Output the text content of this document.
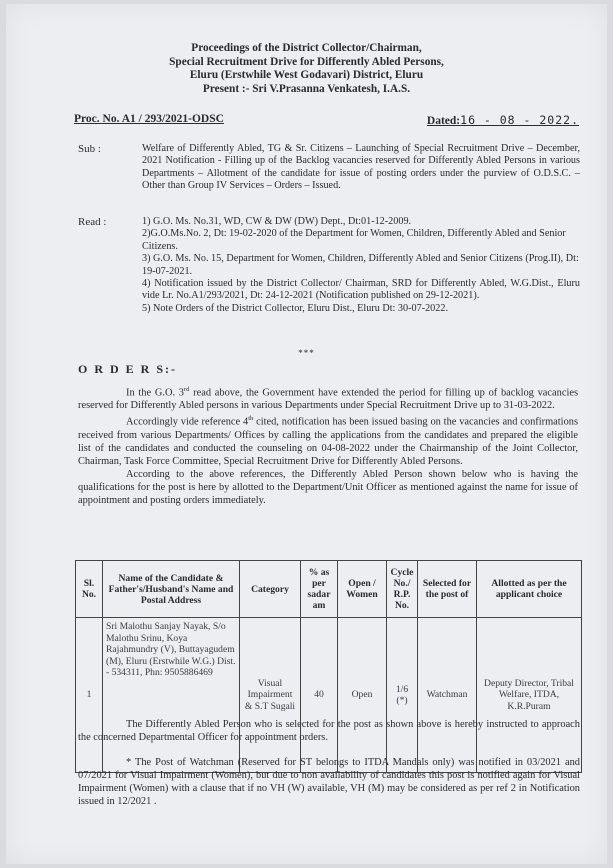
Proceedings of the District Collector/Chairman,
Special Recruitment Drive for Differently Abled Persons,
Eluru (Erstwhile West Godavari) District, Eluru
Present :- Sri V.Prasanna Venkatesh, I.A.S.
Proc. No. A1 / 293/2021-ODSC	Dated:16 - 08 - 2022.
Sub :	Welfare of Differently Abled, TG & Sr. Citizens – Launching of Special Recruitment Drive – December, 2021 Notification - Filling up of the Backlog vacancies reserved for Differently Abled Persons in various Departments – Allotment of the candidate for issue of posting orders under the purview of O.D.S.C. – Other than Group IV Services – Orders – Issued.

Read :	1) G.O. Ms. No.31, WD, CW & DW (DW) Dept., Dt:01-12-2009.

2)G.O.Ms.No. 2, Dt: 19-02-2020 of the Department for Women, Children, Differently Abled and Senior Citizens.

3) G.O. Ms. No. 15, Department for Women, Children, Differently Abled and Senior Citizens (Prog.II), Dt: 19-07-2021.

4) Notification issued by the District Collector/ Chairman, SRD for Differently Abled, W.G.Dist., Eluru vide Lr. No.A1/293/2021, Dt: 24-12-2021 (Notification published on 29-12-2021).

5) Note Orders of the District Collector, Eluru Dist., Eluru Dt: 30-07-2022.

***
O R D E R S:-

In the G.O. 3rd read above, the Government have extended the period for filling up of backlog vacancies reserved for Differently Abled persons in various Departments under Special Recruitment Drive up to 31-03-2022.

Accordingly vide reference 4th cited, notification has been issued basing on the vacancies and confirmations received from various Departments/ Offices by calling the applications from the candidates and prepared the eligible list of the candidates and conducted the counseling on 04-08-2022 under the Chairmanship of the Joint Collector, Chairman, Task Force Committee, Special Recruitment Drive for Differently Abled Persons.

According to the above references, the Differently Abled Person shown below who is having the qualifications for the post is here by allotted to the Department/Unit Officer as mentioned against the name for issue of appointment and posting orders immediately.

Sl. No.	Name of the Candidate & Father's/Husband's Name and Postal Address	Category	% as per sadar am	Open / Women	Cycle No./ R.P. No.	Selected for the post of	Allotted as per the applicant choice
1	Sri Malothu Sanjay Nayak, S/o Malothu Srinu, Koya Rajahmundry (V), Buttayagudem (M), Eluru (Erstwhile W.G.) Dist. - 534311, Phn: 9505886469	Visual Impairment & S.T Sugali	40	Open	1/6 (*)	Watchman	Deputy Director, Tribal Welfare, ITDA, K.R.Puram

The Differently Abled Person who is selected for the post as shown above is hereby instructed to approach the concerned Departmental Officer for appointment orders.

* The Post of Watchman (Reserved for ST belongs to ITDA Mandals only) was notified in 03/2021 and 07/2021 for Visual Impairment (Women), but due to non availability of candidates this post is notified again for Visual Impairment (Women) with a clause that if no VH (W) available, VH (M) may be considered as per ref 2 in Notification issued in 12/2021 .
